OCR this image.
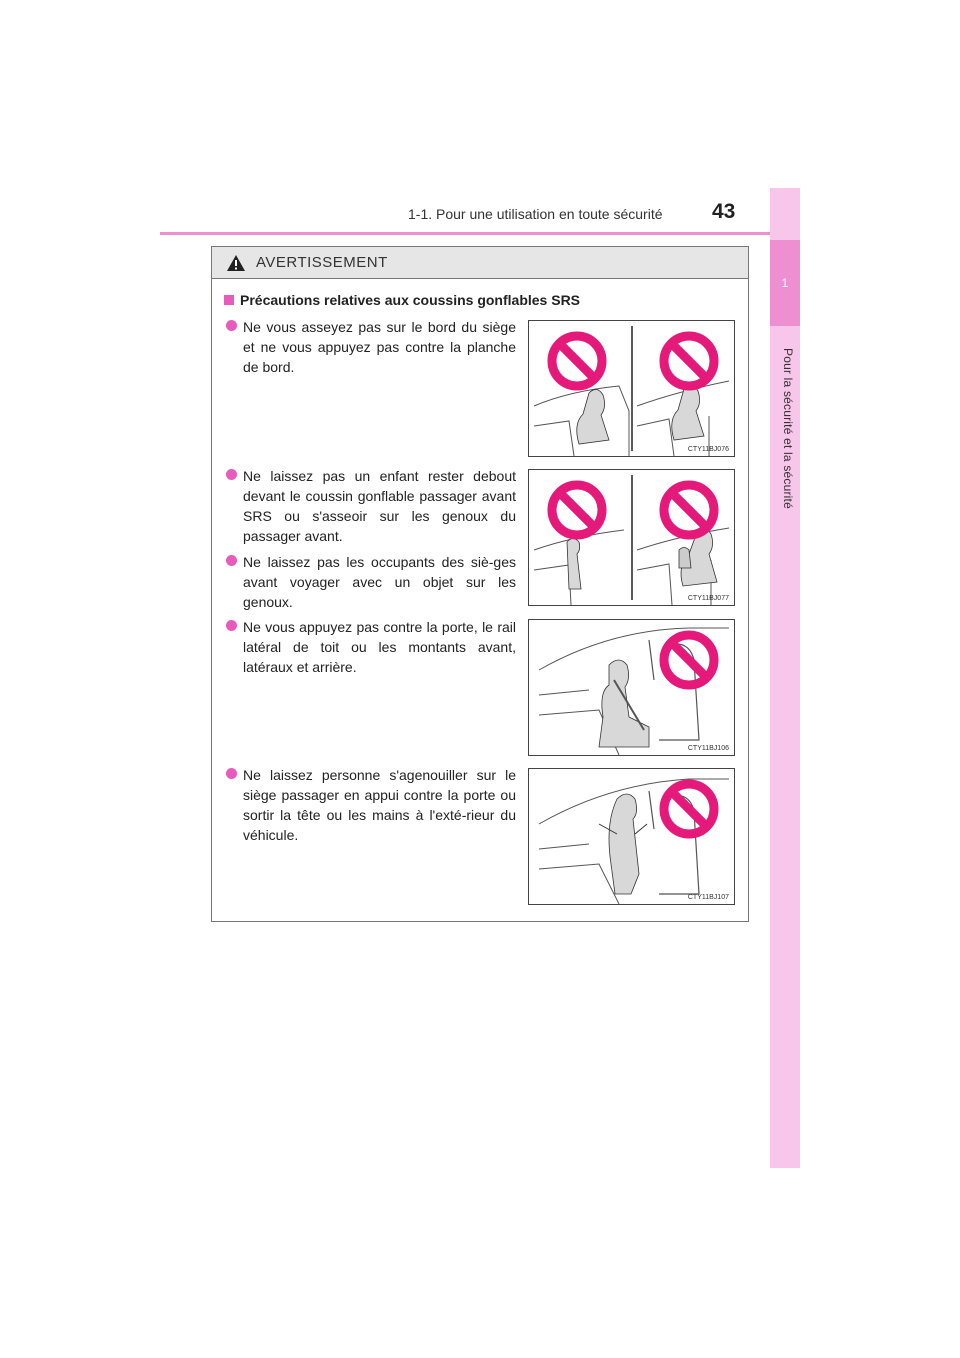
1-1. Pour une utilisation en toute sécurité 43
1
Pour la sécurité et la sécurité
AVERTISSEMENT
Précautions relatives aux coussins gonflables SRS
Ne vous asseyez pas sur le bord du siège et ne vous appuyez pas contre la planche de bord.
Ne laissez pas un enfant rester debout devant le coussin gonflable passager avant SRS ou s'asseoir sur les genoux du passager avant.
Ne laissez pas les occupants des siè-ges avant voyager avec un objet sur les genoux.
Ne vous appuyez pas contre la porte, le rail latéral de toit ou les montants avant, latéraux et arrière.
Ne laissez personne s'agenouiller sur le siège passager en appui contre la porte ou sortir la tête ou les mains à l'exté-rieur du véhicule.
CTY11BJ076
CTY11BJ077
CTY11BJ106
CTY11BJ107
